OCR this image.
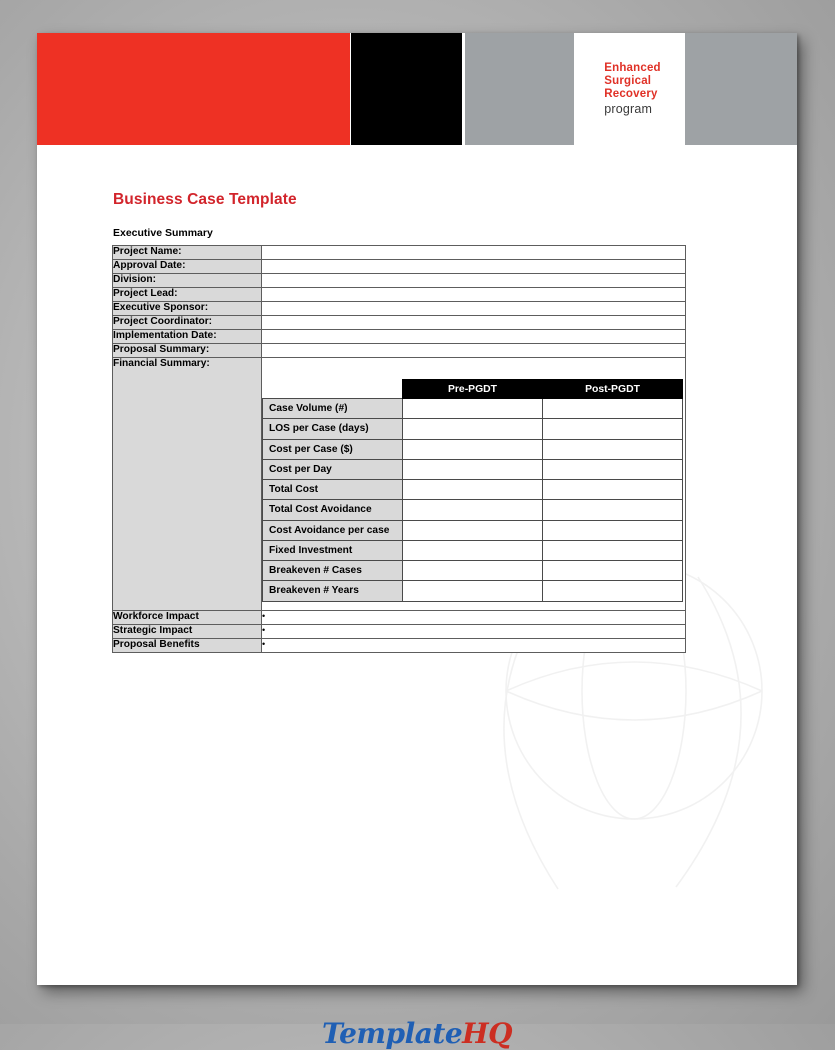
Enhanced
Surgical
Recovery
program
Business Case Template
Executive Summary
Project Name:	
Approval Date:	
Division:	
Project Lead:	
Executive Sponsor:	
Project Coordinator:	
Implementation Date:	
Proposal Summary:	

Financial Summary:

	Pre-PGDT	Post-PGDT
Case Volume (#)		
LOS per Case (days)		
Cost per Case ($)		
Cost per Day		
Total Cost		
Total Cost Avoidance		
Cost Avoidance per case		
Fixed Investment		
Breakeven # Cases		
Breakeven # Years		

Workforce Impact	•
Strategic Impact	•
Proposal Benefits	•
TemplateHQ
